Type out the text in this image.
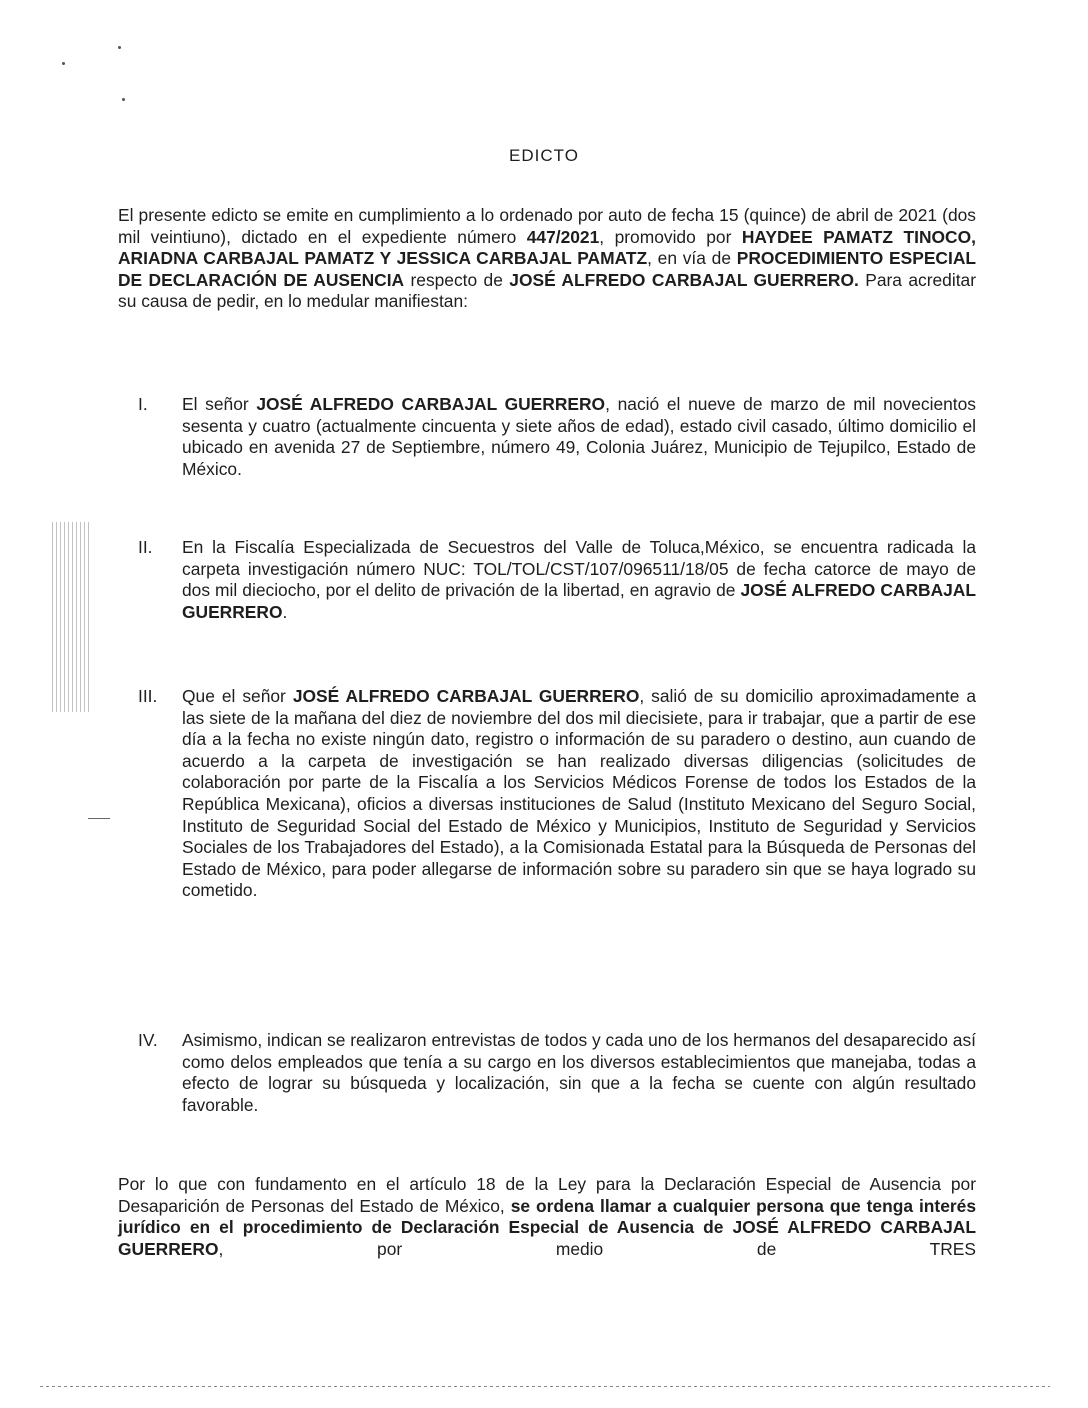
EDICTO
El presente edicto se emite en cumplimiento a lo ordenado por auto de fecha 15 (quince) de abril de 2021 (dos mil veintiuno), dictado en el expediente número 447/2021, promovido por HAYDEE PAMATZ TINOCO, ARIADNA CARBAJAL PAMATZ Y JESSICA CARBAJAL PAMATZ, en vía de PROCEDIMIENTO ESPECIAL DE DECLARACIÓN DE AUSENCIA respecto de JOSÉ ALFREDO CARBAJAL GUERRERO. Para acreditar su causa de pedir, en lo medular manifiestan:
I. El señor JOSÉ ALFREDO CARBAJAL GUERRERO, nació el nueve de marzo de mil novecientos sesenta y cuatro (actualmente cincuenta y siete años de edad), estado civil casado, último domicilio el ubicado en avenida 27 de Septiembre, número 49, Colonia Juárez, Municipio de Tejupilco, Estado de México.
II. En la Fiscalía Especializada de Secuestros del Valle de Toluca,México, se encuentra radicada la carpeta investigación número NUC: TOL/TOL/CST/107/096511/18/05 de fecha catorce de mayo de dos mil dieciocho, por el delito de privación de la libertad, en agravio de JOSÉ ALFREDO CARBAJAL GUERRERO.
III. Que el señor JOSÉ ALFREDO CARBAJAL GUERRERO, salió de su domicilio aproximadamente a las siete de la mañana del diez de noviembre del dos mil diecisiete, para ir trabajar, que a partir de ese día a la fecha no existe ningún dato, registro o información de su paradero o destino, aun cuando de acuerdo a la carpeta de investigación se han realizado diversas diligencias (solicitudes de colaboración por parte de la Fiscalía a los Servicios Médicos Forense de todos los Estados de la República Mexicana), oficios a diversas instituciones de Salud (Instituto Mexicano del Seguro Social, Instituto de Seguridad Social del Estado de México y Municipios, Instituto de Seguridad y Servicios Sociales de los Trabajadores del Estado), a la Comisionada Estatal para la Búsqueda de Personas del Estado de México, para poder allegarse de información sobre su paradero sin que se haya logrado su cometido.
IV. Asimismo, indican se realizaron entrevistas de todos y cada uno de los hermanos del desaparecido así como delos empleados que tenía a su cargo en los diversos establecimientos que manejaba, todas a efecto de lograr su búsqueda y localización, sin que a la fecha se cuente con algún resultado favorable.
Por lo que con fundamento en el artículo 18 de la Ley para la Declaración Especial de Ausencia por Desaparición de Personas del Estado de México, se ordena llamar a cualquier persona que tenga interés jurídico en el procedimiento de Declaración Especial de Ausencia de JOSÉ ALFREDO CARBAJAL GUERRERO, por medio de TRES
